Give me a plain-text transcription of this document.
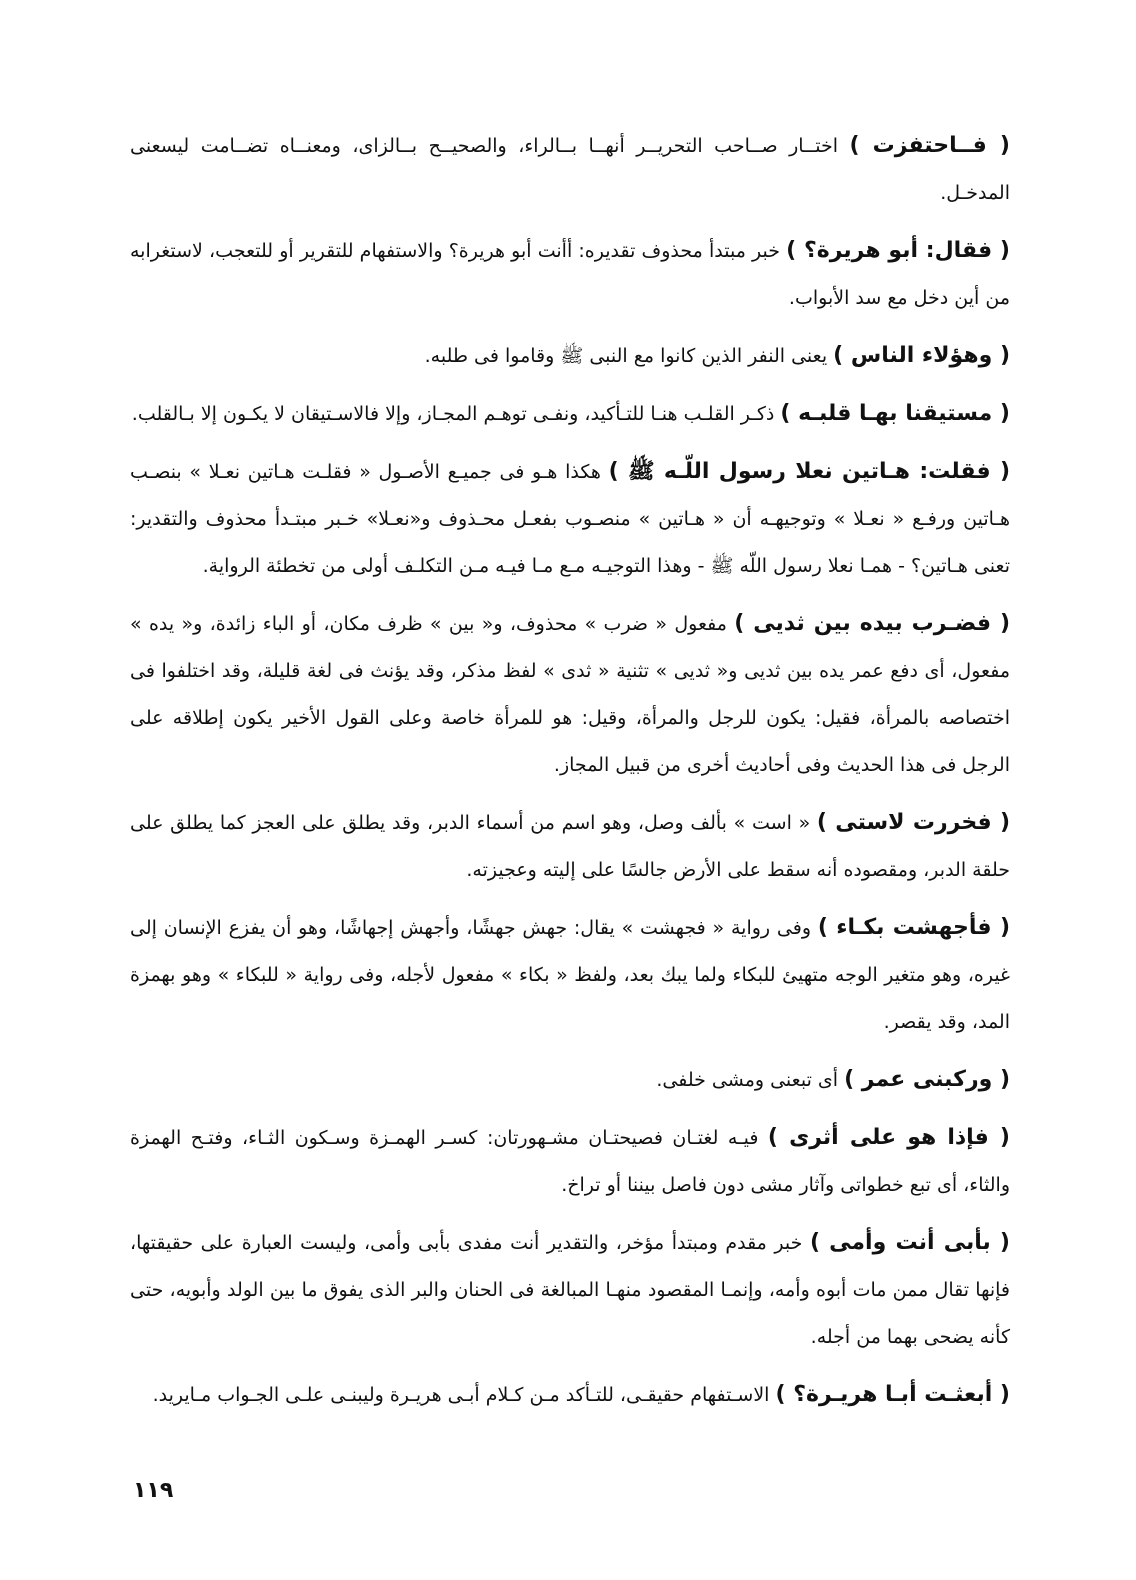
( فــاحتفزت ) اختــار صــاحب التحريــر أنهــا بــالراء، والصحيــح بــالزاى، ومعنــاه تضــامت ليسعنى المدخـل.

( فقال: أبو هريرة؟ ) خبر مبتدأ محذوف تقديره: أأنت أبو هريرة؟ والاستفهام للتقرير أو للتعجب، لاستغرابه من أين دخل مع سد الأبواب.

( وهؤلاء الناس ) يعنى النفر الذين كانوا مع النبى ﷺ وقاموا فى طلبه.

( مستيقنا بهـا قلبـه ) ذكـر القلـب هنـا للتـأكيد، ونفـى توهـم المجـاز، وإلا فالاسـتيقان لا يكـون إلا بـالقلب.

( فقلت: هـاتين نعلا رسول اللّـه ﷺ ) هكذا هـو فى جميـع الأصـول « فقلـت هـاتين نعـلا » بنصـب هـاتين ورفـع « نعـلا » وتوجيهـه أن « هـاتين » منصـوب بفعـل محـذوف و«نعـلا» خـبر مبتـدأ محذوف والتقدير: تعنى هـاتين؟ - همـا نعلا رسول اللّه ﷺ - وهذا التوجيـه مـع مـا فيـه مـن التكلـف أولى من تخطئة الرواية.

( فضـرب بيده بين ثديى ) مفعول « ضرب » محذوف، و« بين » ظرف مكان، أو الباء زائدة، و« يده » مفعول، أى دفع عمر يده بين ثديى و« ثديى » تثنية « ثدى » لفظ مذكر، وقد يؤنث فى لغة قليلة، وقد اختلفوا فى اختصاصه بالمرأة، فقيل: يكون للرجل والمرأة، وقيل: هو للمرأة خاصة وعلى القول الأخير يكون إطلاقه على الرجل فى هذا الحديث وفى أحاديث أخرى من قبيل المجاز.

( فخررت لاستى ) « است » بألف وصل، وهو اسم من أسماء الدبر، وقد يطلق على العجز كما يطلق على حلقة الدبر، ومقصوده أنه سقط على الأرض جالسًا على إليته وعجيزته.

( فأجهشت بكـاء ) وفى رواية « فجهشت » يقال: جهش جهشًا، وأجهش إجهاشًا، وهو أن يفزع الإنسان إلى غيره، وهو متغير الوجه متهيئ للبكاء ولما يبك بعد، ولفظ « بكاء » مفعول لأجله، وفى رواية « للبكاء » وهو بهمزة المد، وقد يقصر.

( وركبنى عمر ) أى تبعنى ومشى خلفى.

( فإذا هو على أثرى ) فيـه لغتـان فصيحتـان مشـهورتان: كسـر الهمـزة وسـكون الثـاء، وفتـح الهمزة والثاء، أى تبع خطواتى وآثار مشى دون فاصل بيننا أو تراخ.

( بأبى أنت وأمى ) خبر مقدم ومبتدأ مؤخر، والتقدير أنت مفدى بأبى وأمى، وليست العبارة على حقيقتها، فإنها تقال ممن مات أبوه وأمه، وإنمـا المقصود منهـا المبالغة فى الحنان والبر الذى يفوق ما بين الولد وأبويه، حتى كأنه يضحى بهما من أجله.

( أبعثـت أبـا هريـرة؟ ) الاسـتفهام حقيقـى، للتـأكد مـن كـلام أبـى هريـرة وليبنـى علـى الجـواب مـايريد.

١١٩
